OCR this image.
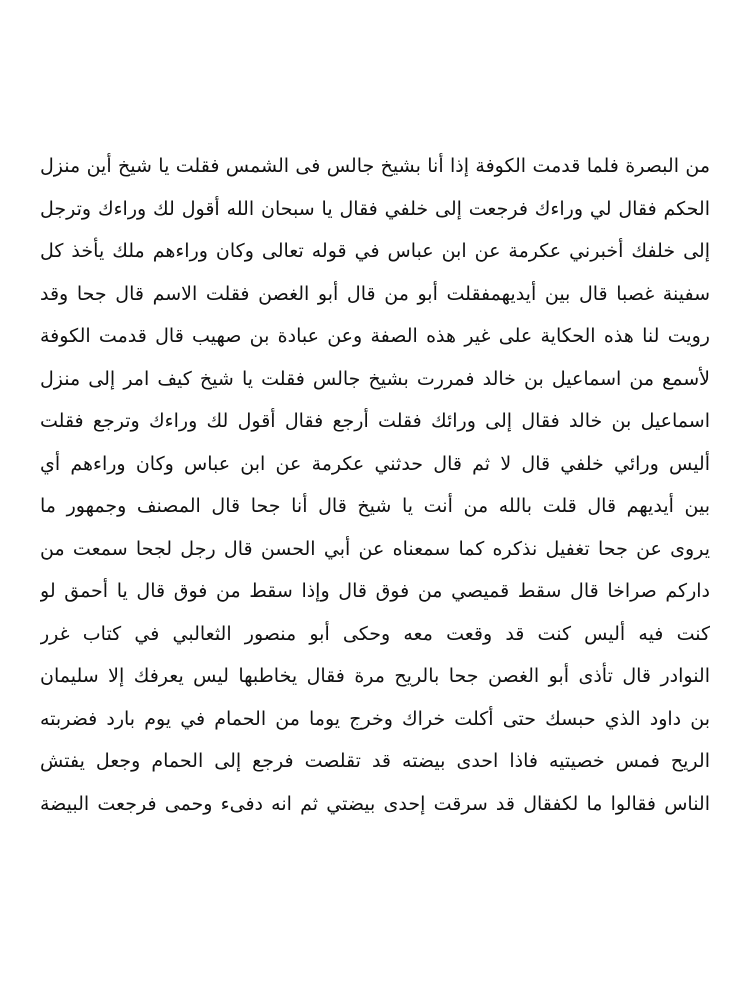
من البصرة فلما قدمت الكوفة إذا أنا بشيخ جالس فى الشمس فقلت يا شيخ أين منزل
الحكم فقال لي وراءك فرجعت إلى خلفي فقال يا سبحان الله أقول لك وراءك وترجل
إلى خلفك أخبرني عكرمة عن ابن عباس في قوله تعالى وكان وراءهم ملك يأخذ كل
سفينة غصبا قال بين أيديهمفقلت أبو من قال أبو الغصن فقلت الاسم قال جحا وقد
رويت لنا هذه الحكاية على غير هذه الصفة وعن عبادة بن صهيب قال قدمت الكوفة
لأسمع من اسماعيل بن خالد فمررت بشيخ جالس فقلت يا شيخ كيف امر إلى منزل
اسماعيل بن خالد فقال إلى ورائك فقلت أرجع فقال أقول لك وراءك وترجع فقلت
أليس ورائي خلفي قال لا ثم قال حدثني عكرمة عن ابن عباس وكان وراءهم أي
بين أيديهم قال قلت بالله من أنت يا شيخ قال أنا جحا قال المصنف وجمهور ما
يروى عن جحا تغفيل نذكره كما سمعناه عن أبي الحسن قال رجل لجحا سمعت من
داركم صراخا قال سقط قميصي من فوق قال وإذا سقط من فوق قال يا أحمق لو
كنت فيه أليس كنت قد وقعت معه وحكى أبو منصور الثعالبي في كتاب غرر
النوادر قال تأذى أبو الغصن جحا بالريح مرة فقال يخاطبها ليس يعرفك إلا سليمان
بن داود الذي حبسك حتى أكلت خراك وخرج يوما من الحمام في يوم بارد فضربته
الريح فمس خصيتيه فاذا احدى بيضته قد تقلصت فرجع إلى الحمام وجعل يفتش
الناس فقالوا ما لكفقال قد سرقت إحدى بيضتي ثم انه دفىء وحمى فرجعت البيضة
